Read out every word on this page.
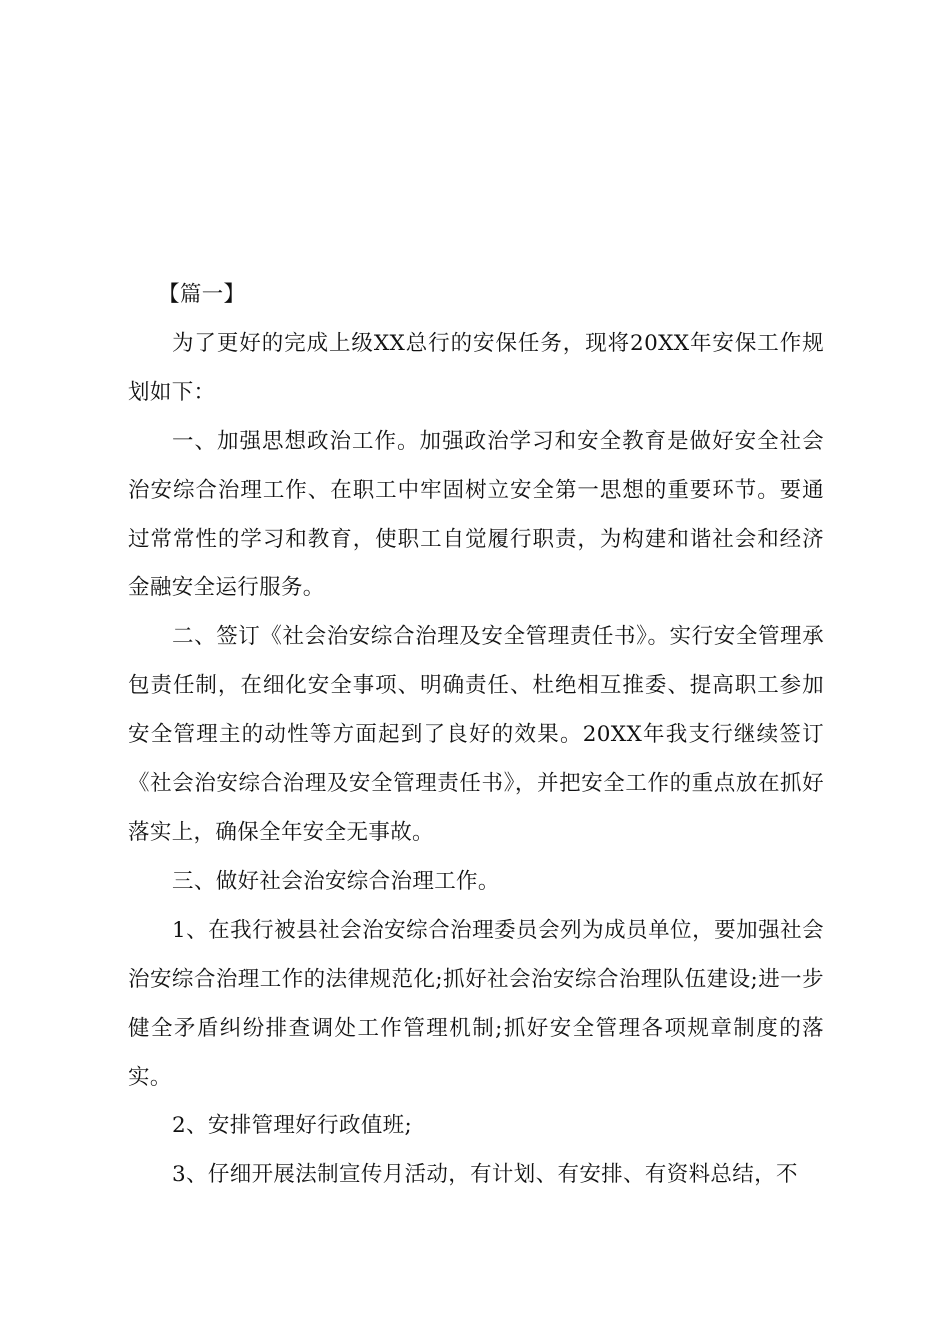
【篇一】

为了更好的完成上级XX总行的安保任务，现将20XX年安保工作规划如下：

一、加强思想政治工作。加强政治学习和安全教育是做好安全社会治安综合治理工作、在职工中牢固树立安全第一思想的重要环节。要通过常常性的学习和教育，使职工自觉履行职责，为构建和谐社会和经济金融安全运行服务。

二、签订《社会治安综合治理及安全管理责任书》。实行安全管理承包责任制，在细化安全事项、明确责任、杜绝相互推委、提高职工参加安全管理主的动性等方面起到了良好的效果。20XX年我支行继续签订《社会治安综合治理及安全管理责任书》，并把安全工作的重点放在抓好落实上，确保全年安全无事故。

三、做好社会治安综合治理工作。

1、在我行被县社会治安综合治理委员会列为成员单位，要加强社会治安综合治理工作的法律规范化;抓好社会治安综合治理队伍建设;进一步健全矛盾纠纷排查调处工作管理机制;抓好安全管理各项规章制度的落实。

2、安排管理好行政值班;

3、仔细开展法制宣传月活动，有计划、有安排、有资料总结，不
